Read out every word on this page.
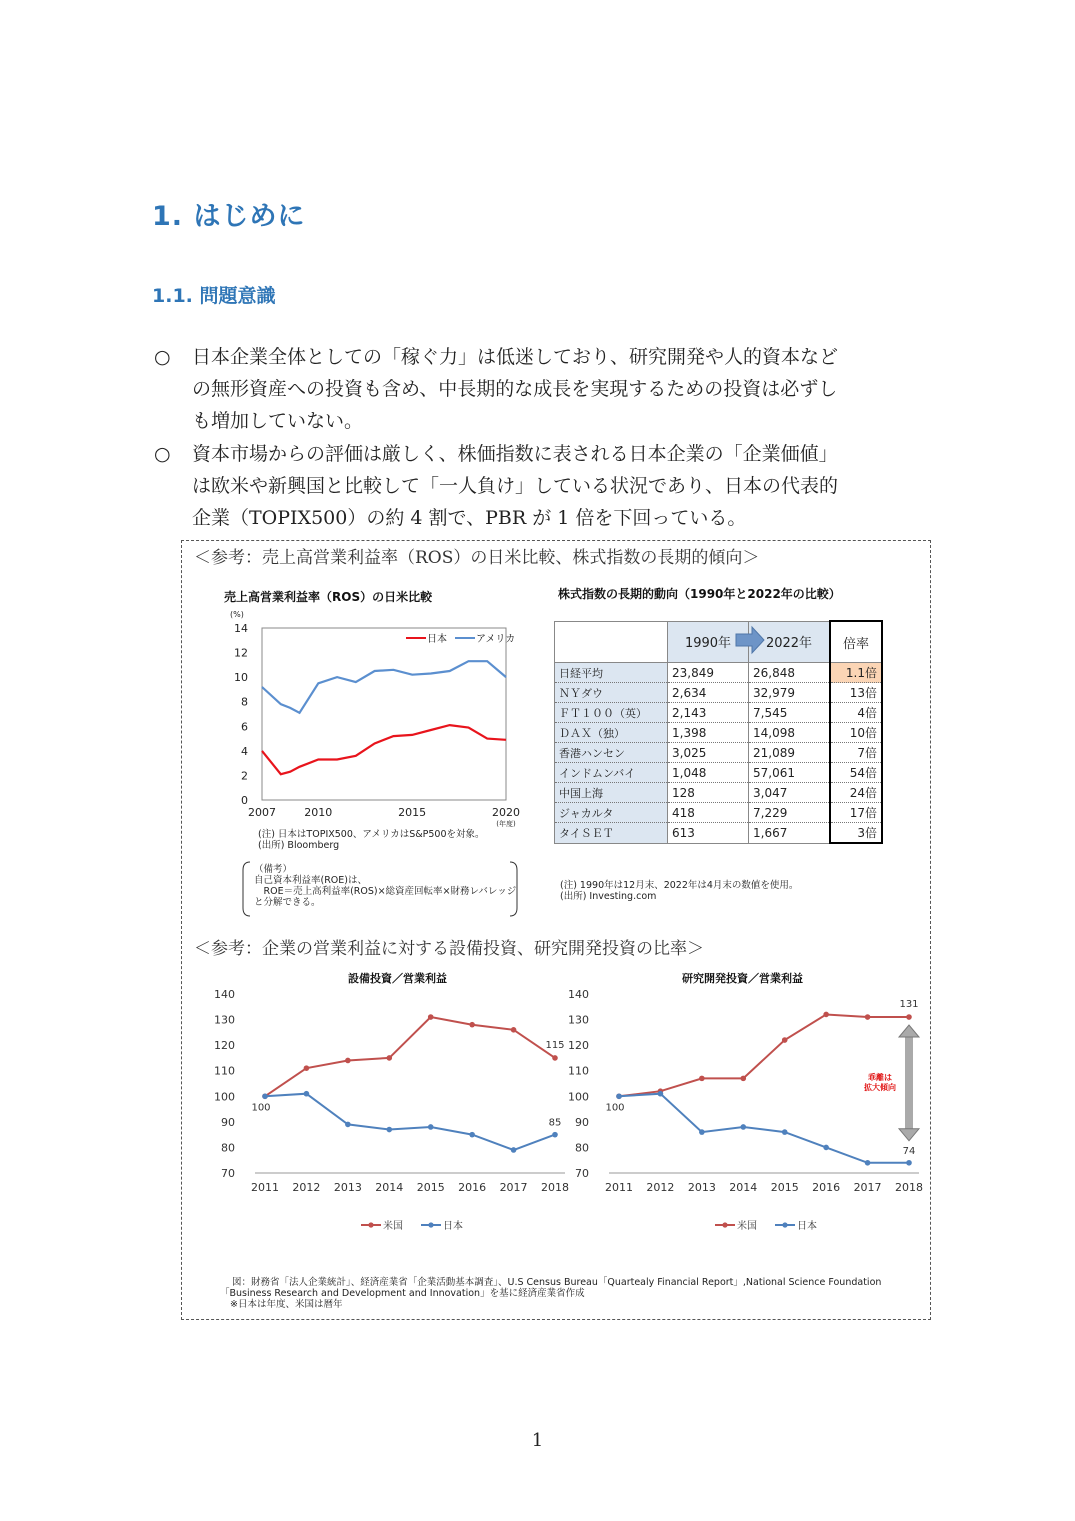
1. はじめに
1.1. 問題意識
○ 日本企業全体としての「稼ぐ力」は低迷しており、研究開発や人的資本など
の無形資産への投資も含め、中長期的な成長を実現するための投資は必ずし
も増加していない。
○ 資本市場からの評価は厳しく、株価指数に表される日本企業の「企業価値」
は欧米や新興国と比較して「一人負け」している状況であり、日本の代表的
企業（TOPIX500）の約 4 割で、PBR が 1 倍を下回っている。
＜参考：売上高営業利益率（ROS）の日米比較、株式指数の長期的傾向＞
売上高営業利益率（ROS）の日米比較
(%)
0
2
4
6
8
10
12
14
2007	2010	2015	2020
(年度)
日本	アメリカ
(注) 日本はTOPIX500、アメリカはS&P500を対象。
(出所) Bloomberg
（備考）
自己資本利益率(ROE)は、
　ROE＝売上高利益率(ROS)×総資産回転率×財務レバレッジ
と分解できる。
株式指数の長期的動向（1990年と2022年の比較）
	1990年	2022年	倍率
日経平均	23,849	26,848	1.1倍
ＮＹダウ	2,634	32,979	13倍
ＦＴ１００（英）	2,143	7,545	4倍
ＤＡＸ（独）	1,398	14,098	10倍
香港ハンセン	3,025	21,089	7倍
インドムンバイ	1,048	57,061	54倍
中国上海	128	3,047	24倍
ジャカルタ	418	7,229	17倍
タイＳＥＴ	613	1,667	3倍
(注) 1990年は12月末、2022年は4月末の数値を使用。
(出所) Investing.com
＜参考：企業の営業利益に対する設備投資、研究開発投資の比率＞
設備投資／営業利益
70
80
90
100
110
120
130
140
2011 2012 2013 2014 2015 2016 2017 2018
100
115
85
米国	日本
研究開発投資／営業利益
70
80
90
100
110
120
130
140
2011 2012 2013 2014 2015 2016 2017 2018
100
131
74
米国	日本
乖離は
拡大傾向
図：財務省「法人企業統計」、経済産業省「企業活動基本調査」、U.S Census Bureau「Quartealy Financial Report」,National Science Foundation
「Business Research and Development and Innovation」を基に経済産業省作成
※日本は年度、米国は暦年
1
